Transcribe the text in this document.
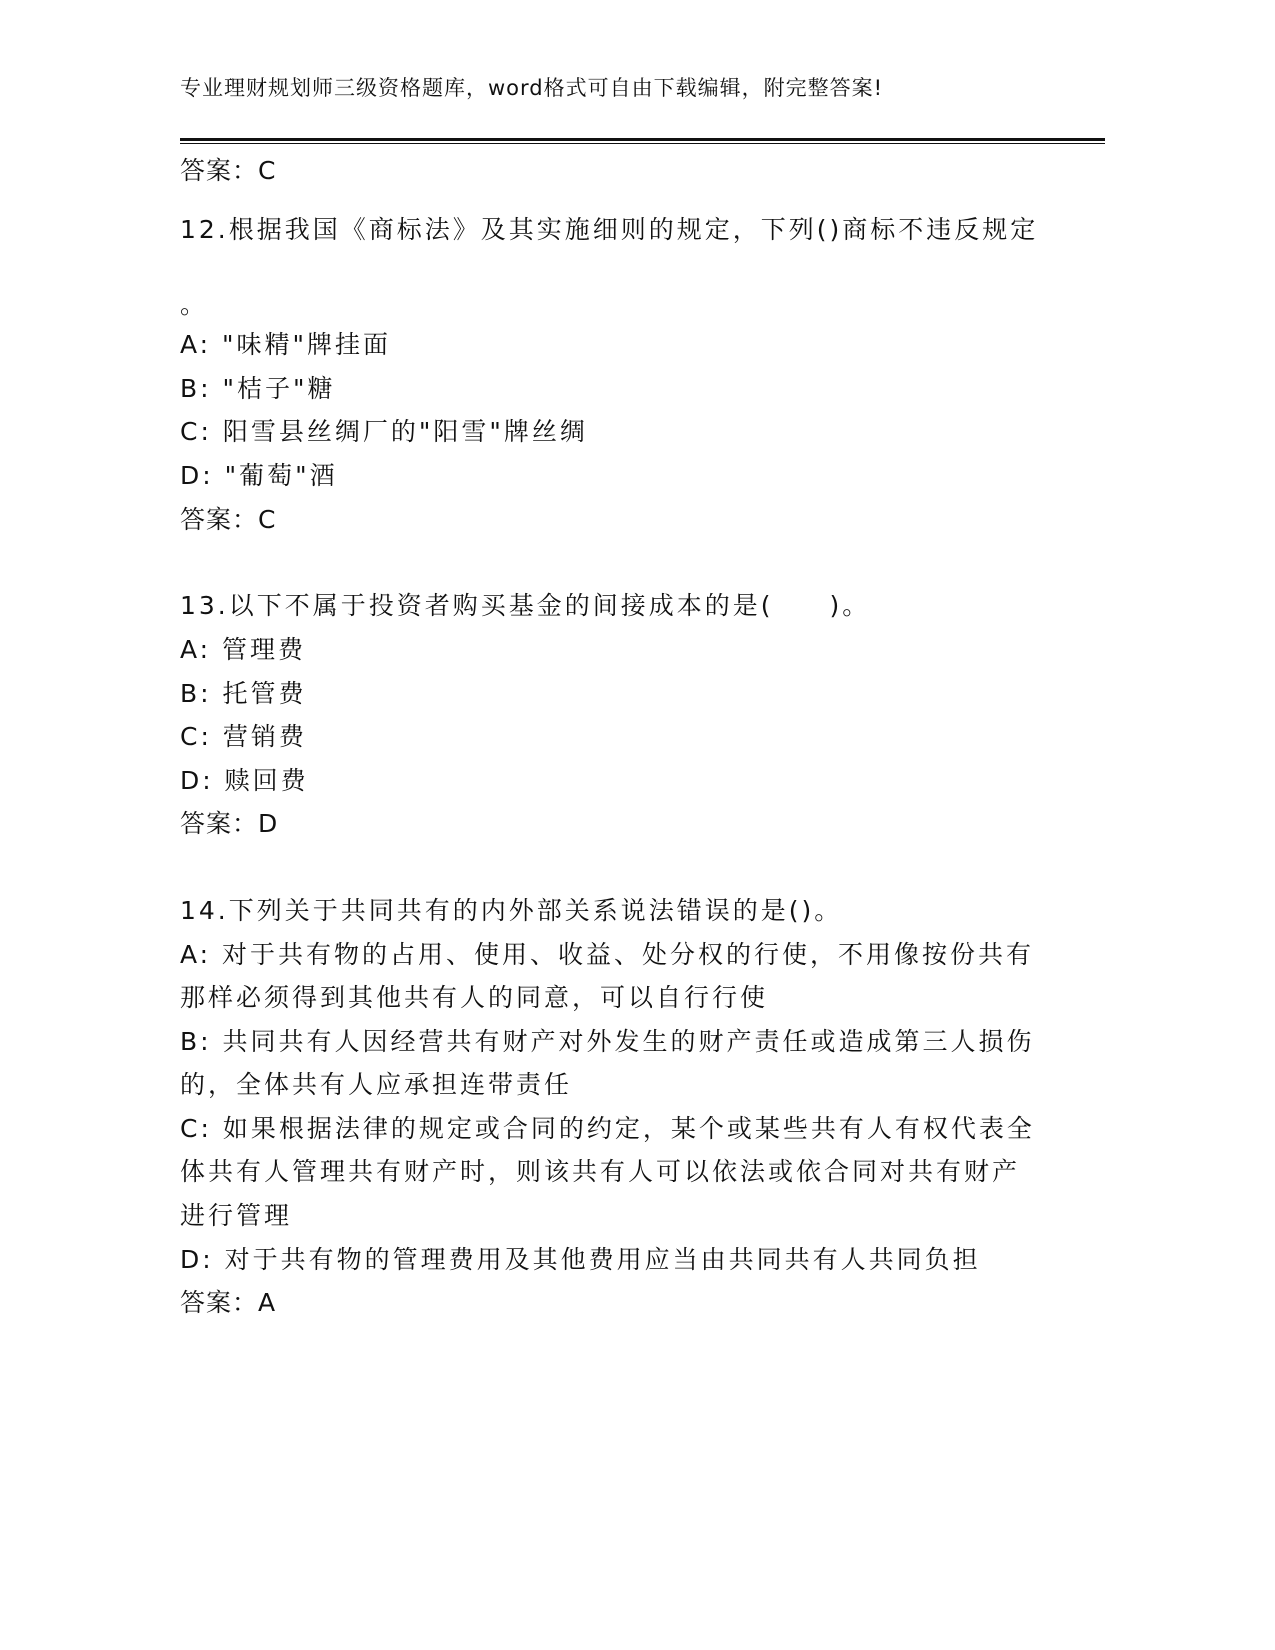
专业理财规划师三级资格题库，word格式可自由下载编辑，附完整答案!
答案：C
12.根据我国《商标法》及其实施细则的规定，下列()商标不违反规定
。
A: "味精"牌挂面
B: "桔子"糖
C: 阳雪县丝绸厂的"阳雪"牌丝绸
D: "葡萄"酒
答案：C
13.以下不属于投资者购买基金的间接成本的是(　　)。
A: 管理费
B: 托管费
C: 营销费
D: 赎回费
答案：D
14.下列关于共同共有的内外部关系说法错误的是()。
A: 对于共有物的占用、使用、收益、处分权的行使，不用像按份共有
那样必须得到其他共有人的同意，可以自行行使
B: 共同共有人因经营共有财产对外发生的财产责任或造成第三人损伤
的，全体共有人应承担连带责任
C: 如果根据法律的规定或合同的约定，某个或某些共有人有权代表全
体共有人管理共有财产时，则该共有人可以依法或依合同对共有财产
进行管理
D: 对于共有物的管理费用及其他费用应当由共同共有人共同负担
答案：A
